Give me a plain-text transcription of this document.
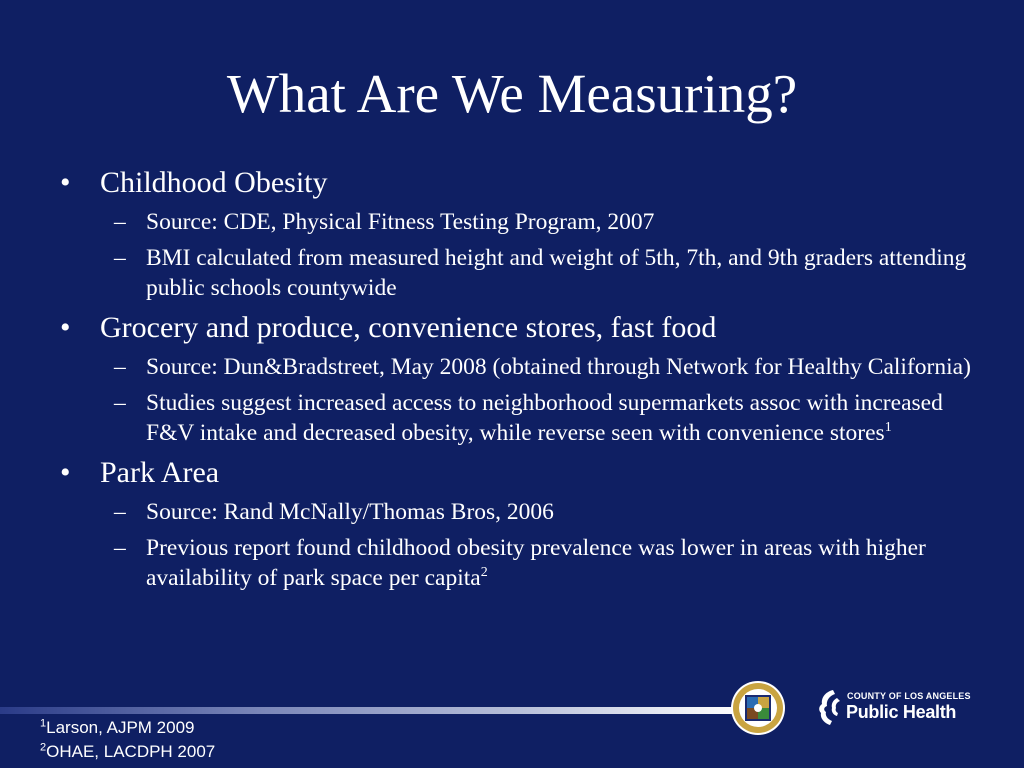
What Are We Measuring?
• Childhood Obesity
– Source: CDE, Physical Fitness Testing Program, 2007
– BMI calculated from measured height and weight of 5th, 7th, and 9th graders attending public schools countywide
• Grocery and produce, convenience stores, fast food
– Source: Dun&Bradstreet, May 2008 (obtained through Network for Healthy California)
– Studies suggest increased access to neighborhood supermarkets assoc with increased F&V intake and decreased obesity, while reverse seen with convenience stores$^1$
• Park Area
– Source: Rand McNally/Thomas Bros, 2006
– Previous report found childhood obesity prevalence was lower in areas with higher availability of park space per capita$^2$
$^1$Larson, AJPM 2009
$^2$OHAE, LACDPH 2007
COUNTY OF LOS ANGELES
Public Health
